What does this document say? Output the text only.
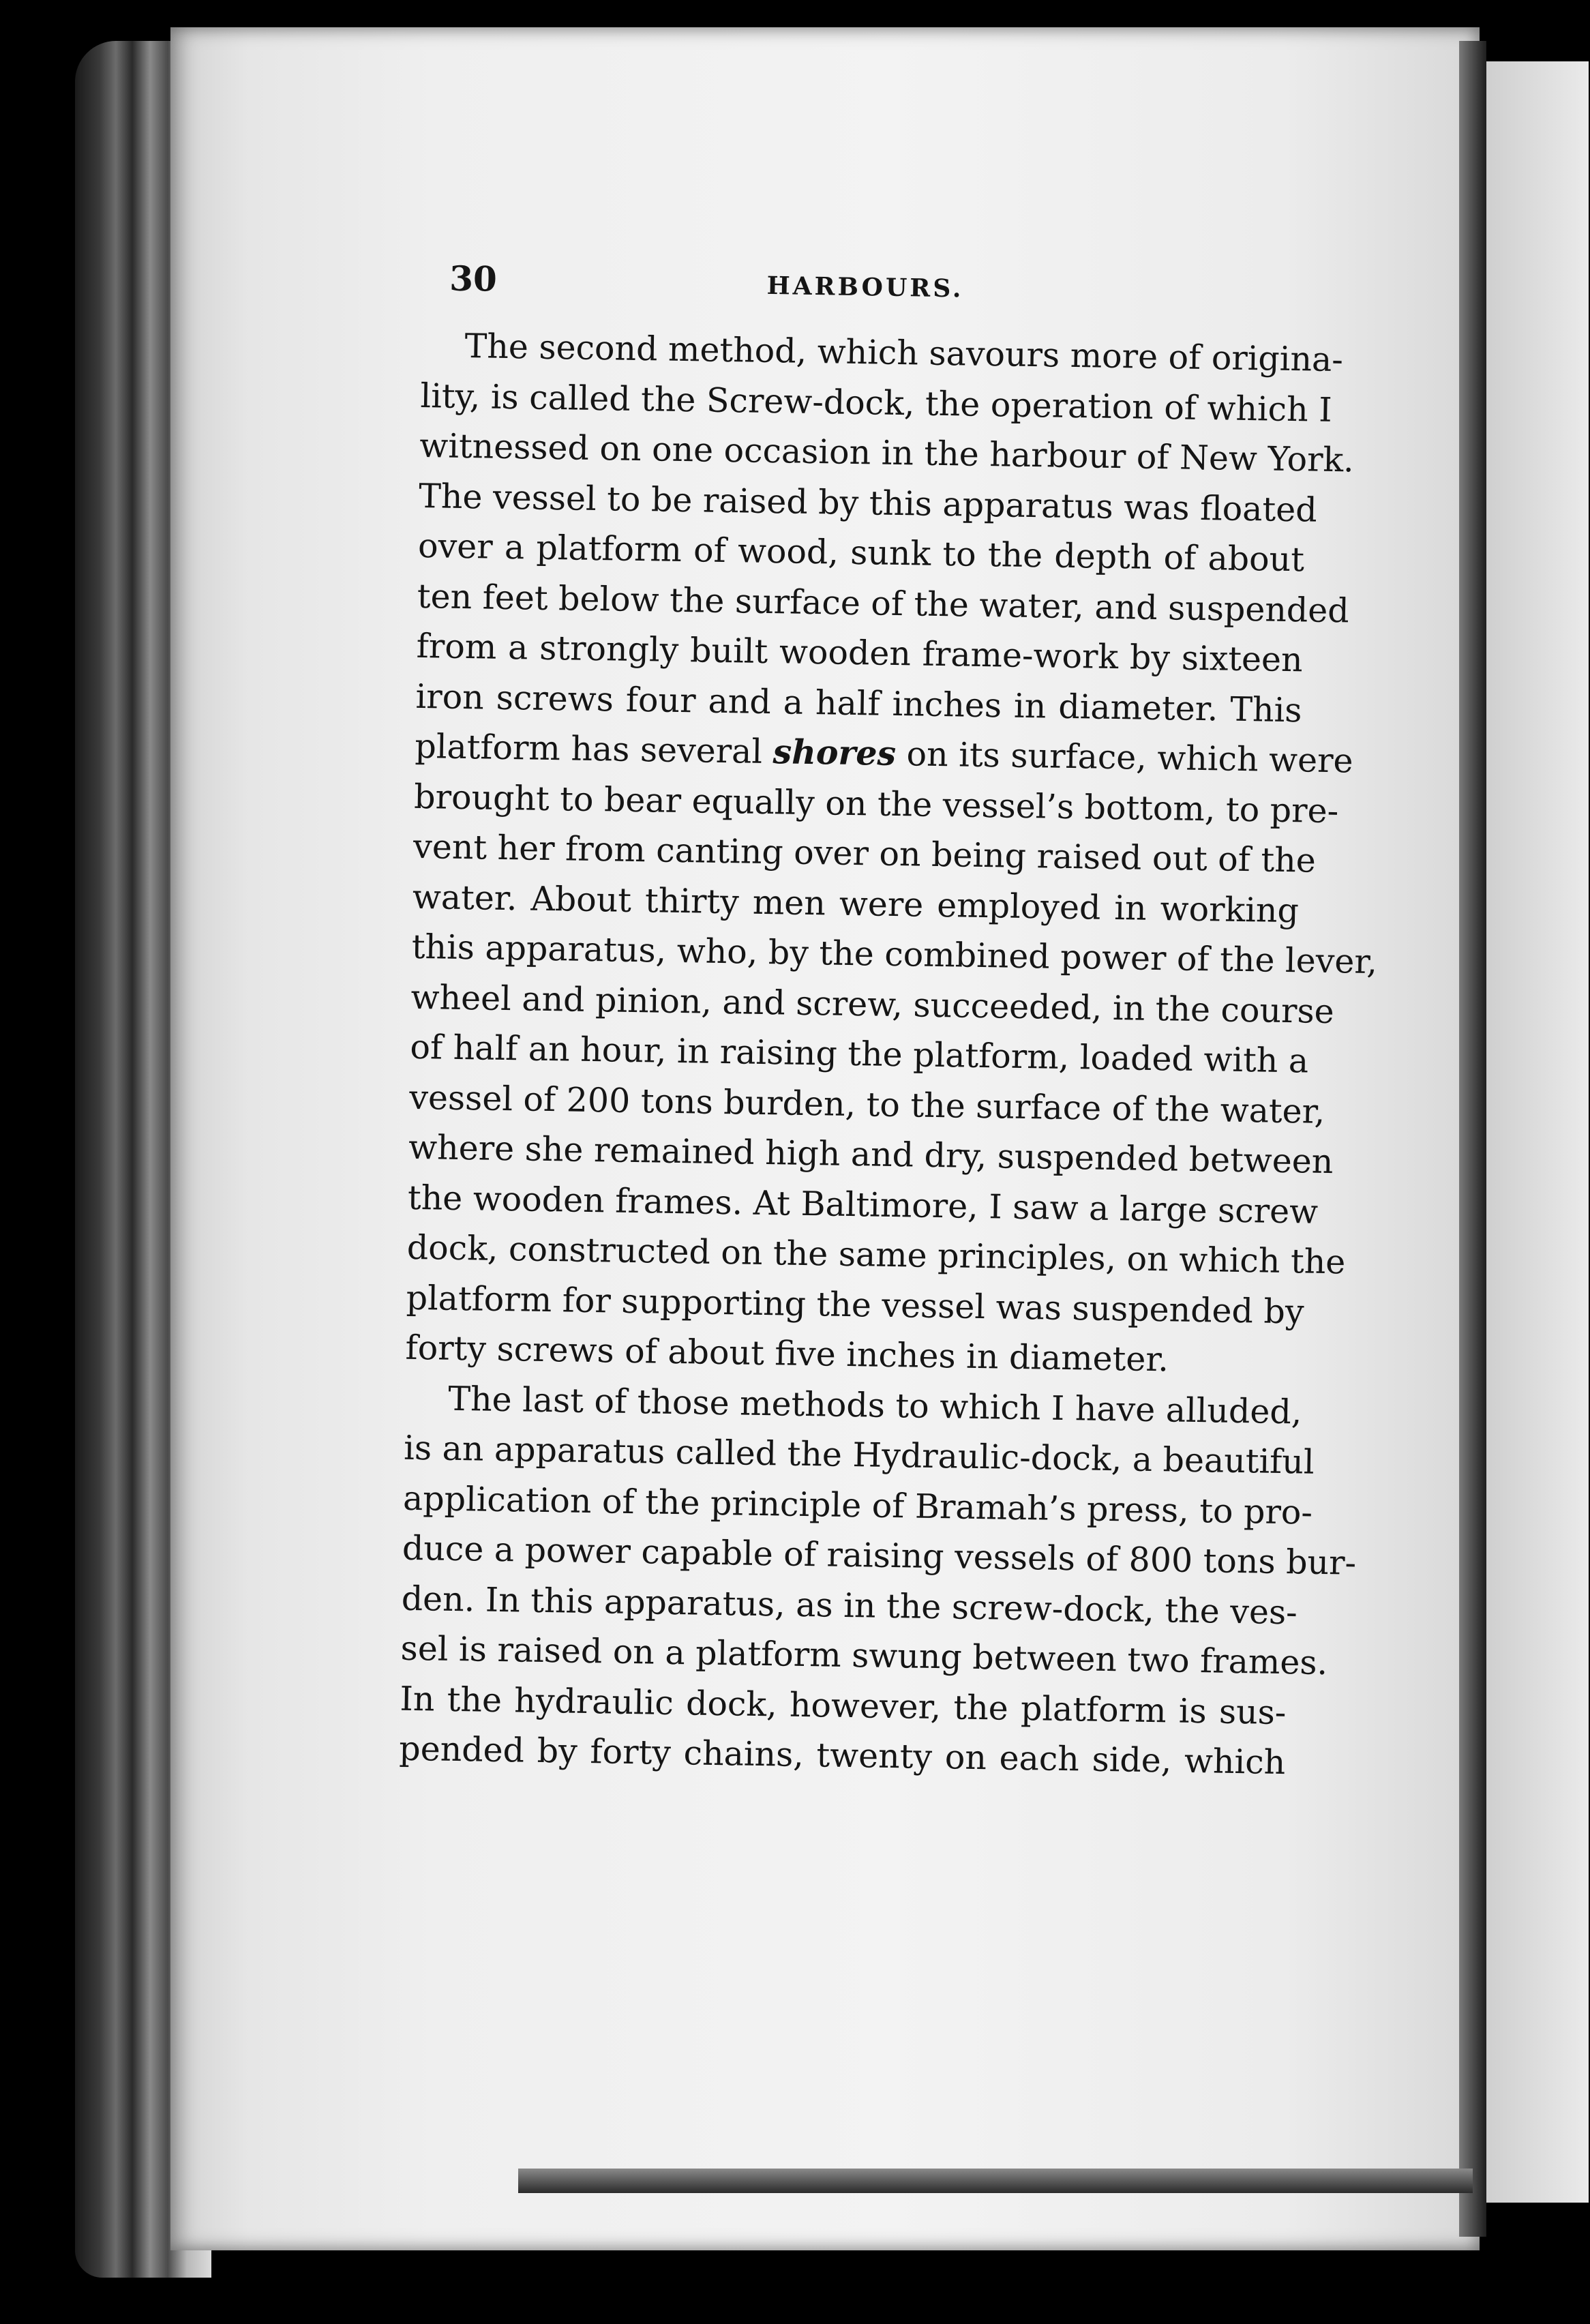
30	HARBOURS.
The second method, which savours more of origina-
lity, is called the Screw-dock, the operation of which I
witnessed on one occasion in the harbour of New York.
The vessel to be raised by this apparatus was floated
over a platform of wood, sunk to the depth of about
ten feet below the surface of the water, and suspended
from a strongly built wooden frame-work by sixteen
iron screws four and a half inches in diameter. This
platform has several shores on its surface, which were
brought to bear equally on the vessel’s bottom, to pre-
vent her from canting over on being raised out of the
water. About thirty men were employed in working
this apparatus, who, by the combined power of the lever,
wheel and pinion, and screw, succeeded, in the course
of half an hour, in raising the platform, loaded with a
vessel of 200 tons burden, to the surface of the water,
where she remained high and dry, suspended between
the wooden frames. At Baltimore, I saw a large screw
dock, constructed on the same principles, on which the
platform for supporting the vessel was suspended by
forty screws of about five inches in diameter.
The last of those methods to which I have alluded,
is an apparatus called the Hydraulic-dock, a beautiful
application of the principle of Bramah’s press, to pro-
duce a power capable of raising vessels of 800 tons bur-
den. In this apparatus, as in the screw-dock, the ves-
sel is raised on a platform swung between two frames.
In the hydraulic dock, however, the platform is sus-
pended by forty chains, twenty on each side, which
